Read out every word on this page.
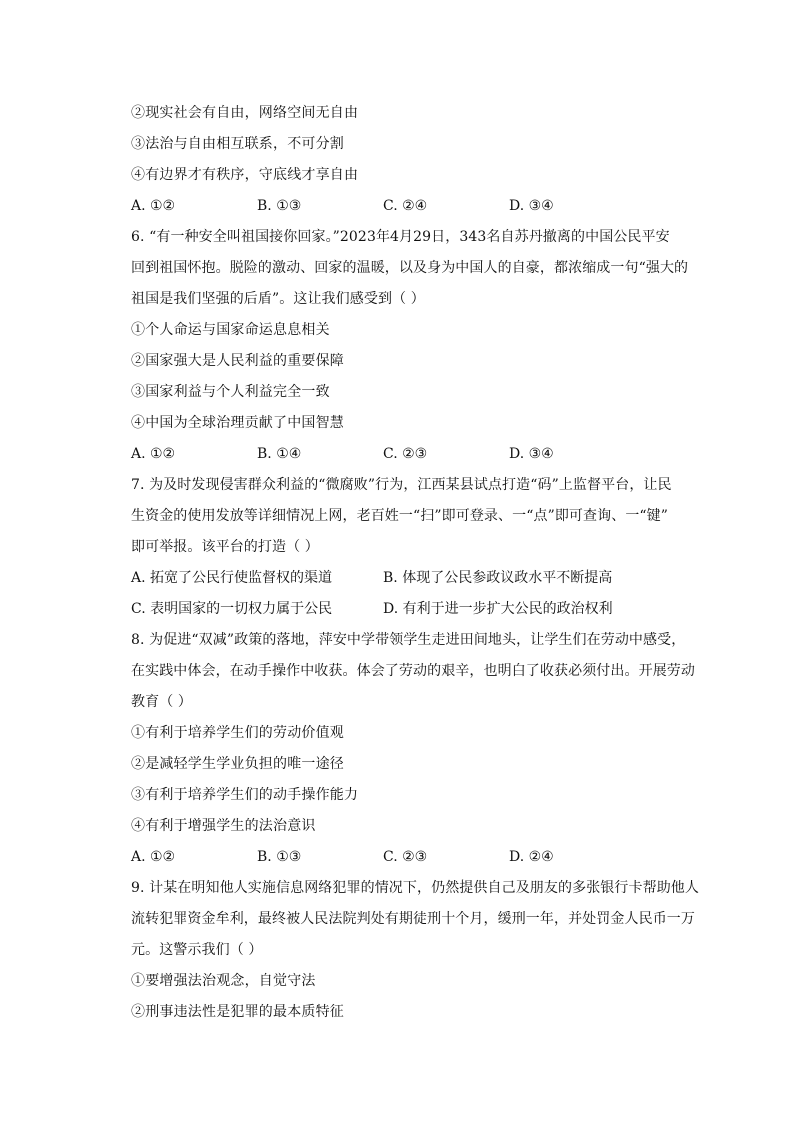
②现实社会有自由，网络空间无自由
③法治与自由相互联系，不可分割
④有边界才有秩序，守底线才享自由
A. ①②	B. ①③	C. ②④	D. ③④
6. “有一种安全叫祖国接你回家。”2023年4月29日，343名自苏丹撤离的中国公民平安
回到祖国怀抱。脱险的激动、回家的温暖，以及身为中国人的自豪，都浓缩成一句“强大的
祖国是我们坚强的后盾”。这让我们感受到（ ）
①个人命运与国家命运息息相关
②国家强大是人民利益的重要保障
③国家利益与个人利益完全一致
④中国为全球治理贡献了中国智慧
A. ①②	B. ①④	C. ②③	D. ③④
7. 为及时发现侵害群众利益的“微腐败”行为，江西某县试点打造“码”上监督平台，让民
生资金的使用发放等详细情况上网，老百姓一“扫”即可登录、一“点”即可查询、一“键”
即可举报。该平台的打造（ ）
A. 拓宽了公民行使监督权的渠道	B. 体现了公民参政议政水平不断提高
C. 表明国家的一切权力属于公民	D. 有利于进一步扩大公民的政治权利
8. 为促进“双减”政策的落地，萍安中学带领学生走进田间地头，让学生们在劳动中感受，
在实践中体会，在动手操作中收获。体会了劳动的艰辛，也明白了收获必须付出。开展劳动
教育（ ）
①有利于培养学生们的劳动价值观
②是减轻学生学业负担的唯一途径
③有利于培养学生们的动手操作能力
④有利于增强学生的法治意识
A. ①②	B. ①③	C. ②③	D. ②④
9. 计某在明知他人实施信息网络犯罪的情况下，仍然提供自己及朋友的多张银行卡帮助他人
流转犯罪资金牟利，最终被人民法院判处有期徒刑十个月，缓刑一年，并处罚金人民币一万
元。这警示我们（ ）
①要增强法治观念，自觉守法
②刑事违法性是犯罪的最本质特征
